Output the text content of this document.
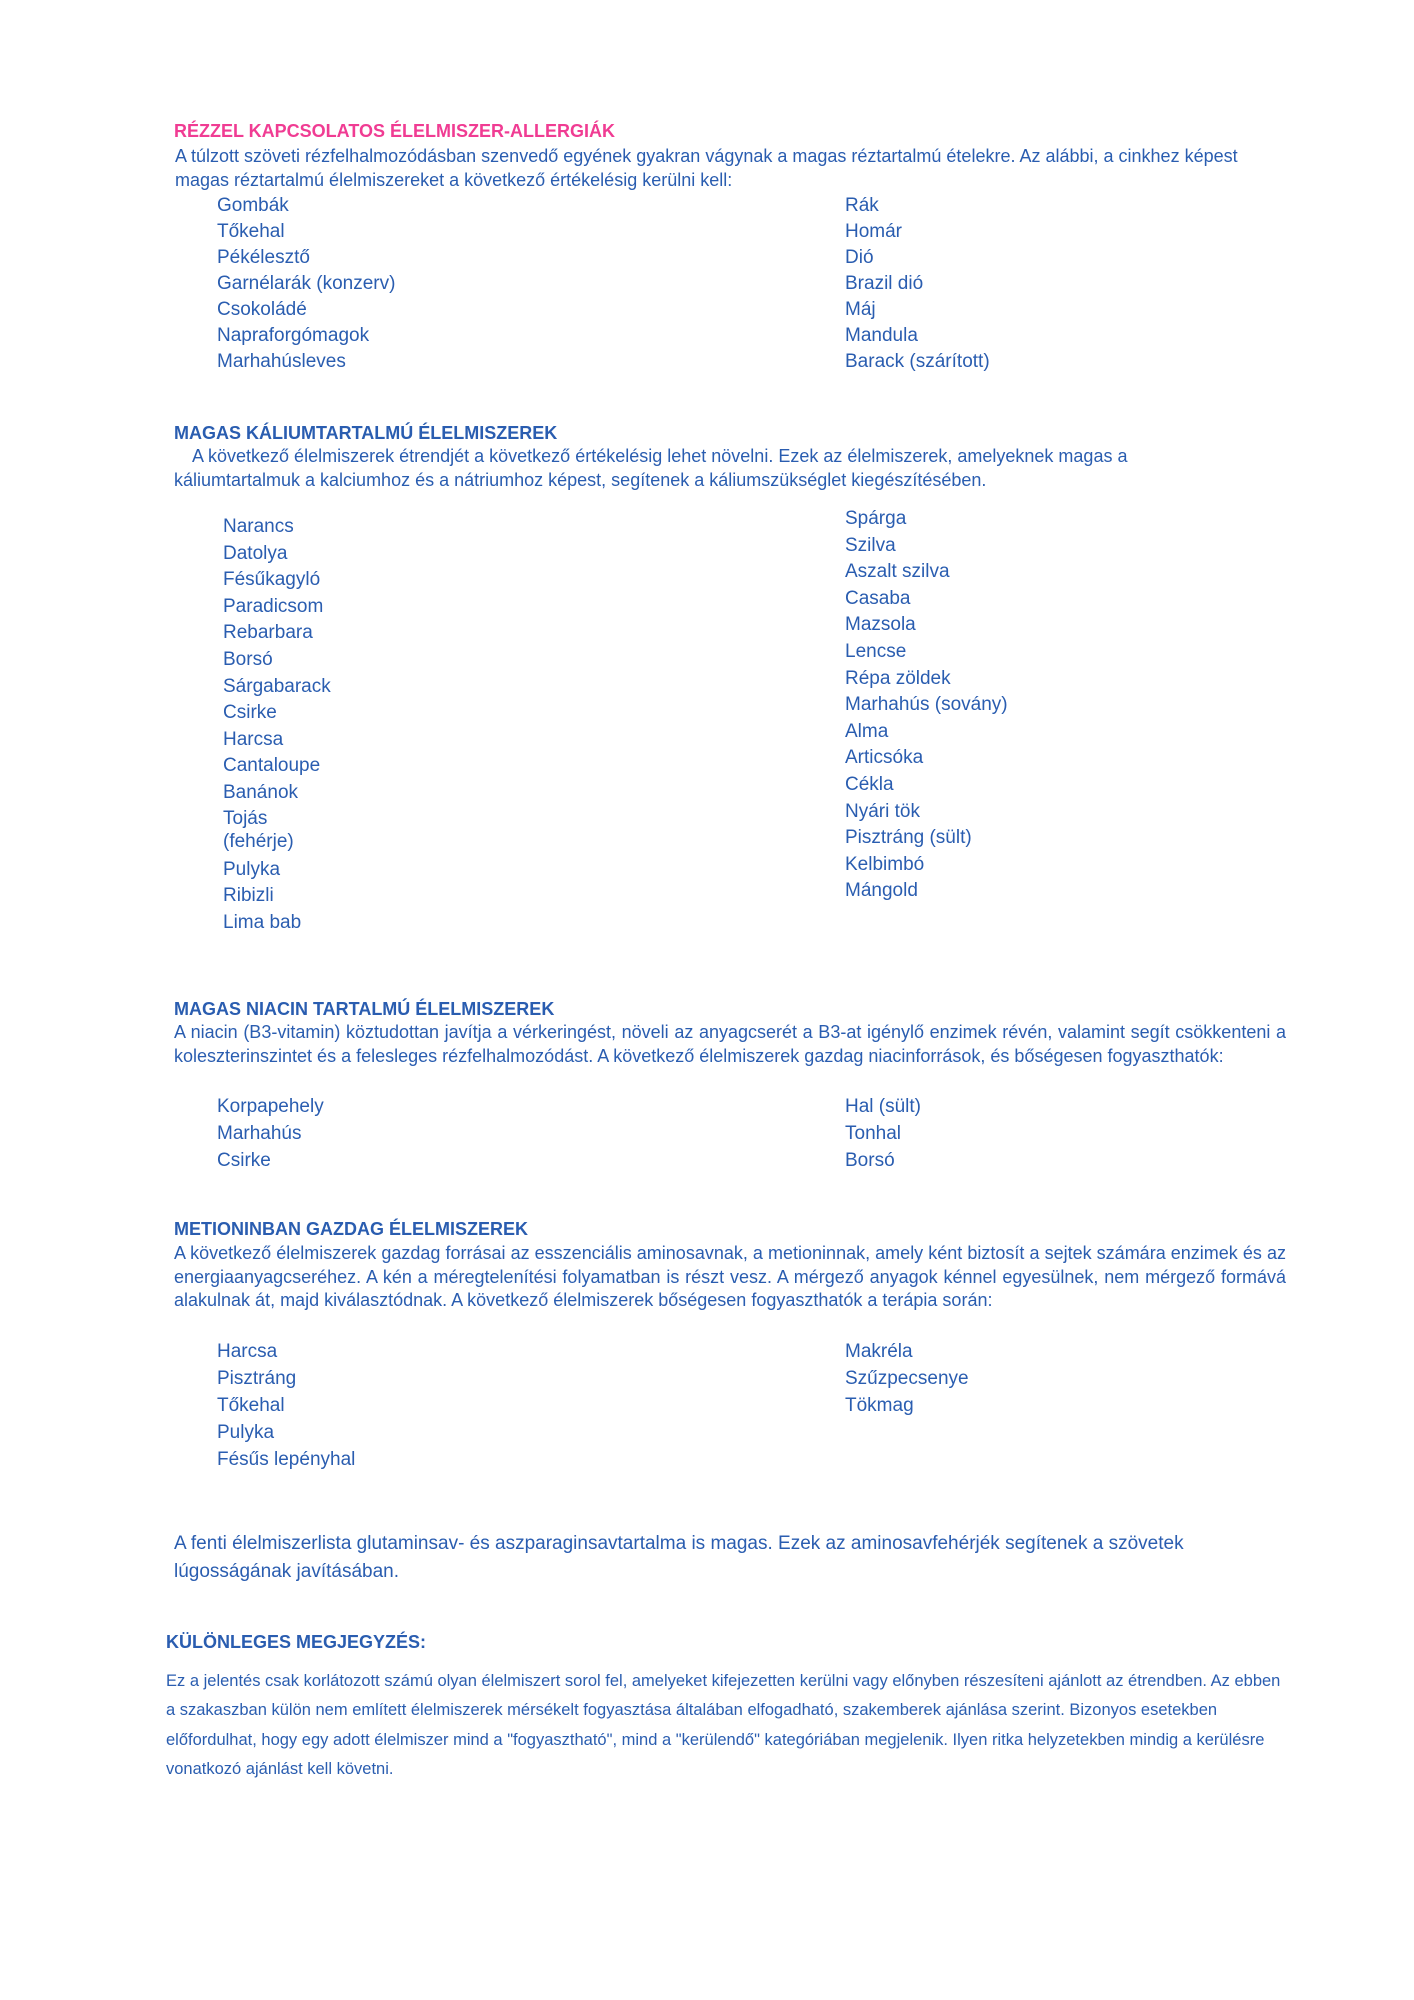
RÉZZEL KAPCSOLATOS ÉLELMISZER-ALLERGIÁK
A túlzott szöveti rézfelhalmozódásban szenvedő egyének gyakran vágynak a magas réztartalmú ételekre. Az alábbi, a cinkhez képest magas réztartalmú élelmiszereket a következő értékelésig kerülni kell:
Gombák
Tőkehal
Pékélesztő
Garnélarák (konzerv)
Csokoládé
Napraforgómagok
Marhahúsleves
Rák
Homár
Dió
Brazil dió
Máj
Mandula
Barack (szárított)
MAGAS KÁLIUMTARTALMÚ ÉLELMISZEREK
A következő élelmiszerek étrendjét a következő értékelésig lehet növelni. Ezek az élelmiszerek, amelyeknek magas a káliumtartalmuk a kalciumhoz és a nátriumhoz képest, segítenek a káliumszükséglet kiegészítésében.
Narancs
Datolya
Fésűkagyló
Paradicsom
Rebarbara
Borsó
Sárgabarack
Csirke
Harcsa
Cantaloupe
Banánok
Tojás (fehérje)
Pulyka
Ribizli
Lima bab
Spárga
Szilva
Aszalt szilva
Casaba
Mazsola
Lencse
Répa zöldek
Marhahús (sovány)
Alma
Articsóka
Cékla
Nyári tök
Pisztráng (sült)
Kelbimbó
Mángold
MAGAS NIACIN TARTALMÚ ÉLELMISZEREK
A niacin (B3-vitamin) köztudottan javítja a vérkeringést, növeli az anyagcserét a B3-at igénylő enzimek révén, valamint segít csökkenteni a koleszterinszintet és a felesleges rézfelhalmozódást. A következő élelmiszerek gazdag niacinforrások, és bőségesen fogyaszthatók:
Korpapehely
Marhahús
Csirke
Hal (sült)
Tonhal
Borsó
METIONINBAN GAZDAG ÉLELMISZEREK
A következő élelmiszerek gazdag forrásai az esszenciális aminosavnak, a metioninnak, amely ként biztosít a sejtek számára enzimek és az energiaanyagcseréhez. A kén a méregtelenítési folyamatban is részt vesz. A mérgező anyagok kénnel egyesülnek, nem mérgező formává alakulnak át, majd kiválasztódnak. A következő élelmiszerek bőségesen fogyaszthatók a terápia során:
Harcsa
Pisztráng
Tőkehal
Pulyka
Fésűs lepényhal
Makréla
Szűzpecsenye
Tökmag
A fenti élelmiszerlista glutaminsav- és aszparaginsavtartalma is magas. Ezek az aminosavfehérjék segítenek a szövetek lúgosságának javításában.
KÜLÖNLEGES MEGJEGYZÉS:
Ez a jelentés csak korlátozott számú olyan élelmiszert sorol fel, amelyeket kifejezetten kerülni vagy előnyben részesíteni ajánlott az étrendben. Az ebben a szakaszban külön nem említett élelmiszerek mérsékelt fogyasztása általában elfogadható, szakemberek ajánlása szerint. Bizonyos esetekben előfordulhat, hogy egy adott élelmiszer mind a "fogyasztható", mind a "kerülendő" kategóriában megjelenik. Ilyen ritka helyzetekben mindig a kerülésre vonatkozó ajánlást kell követni.
